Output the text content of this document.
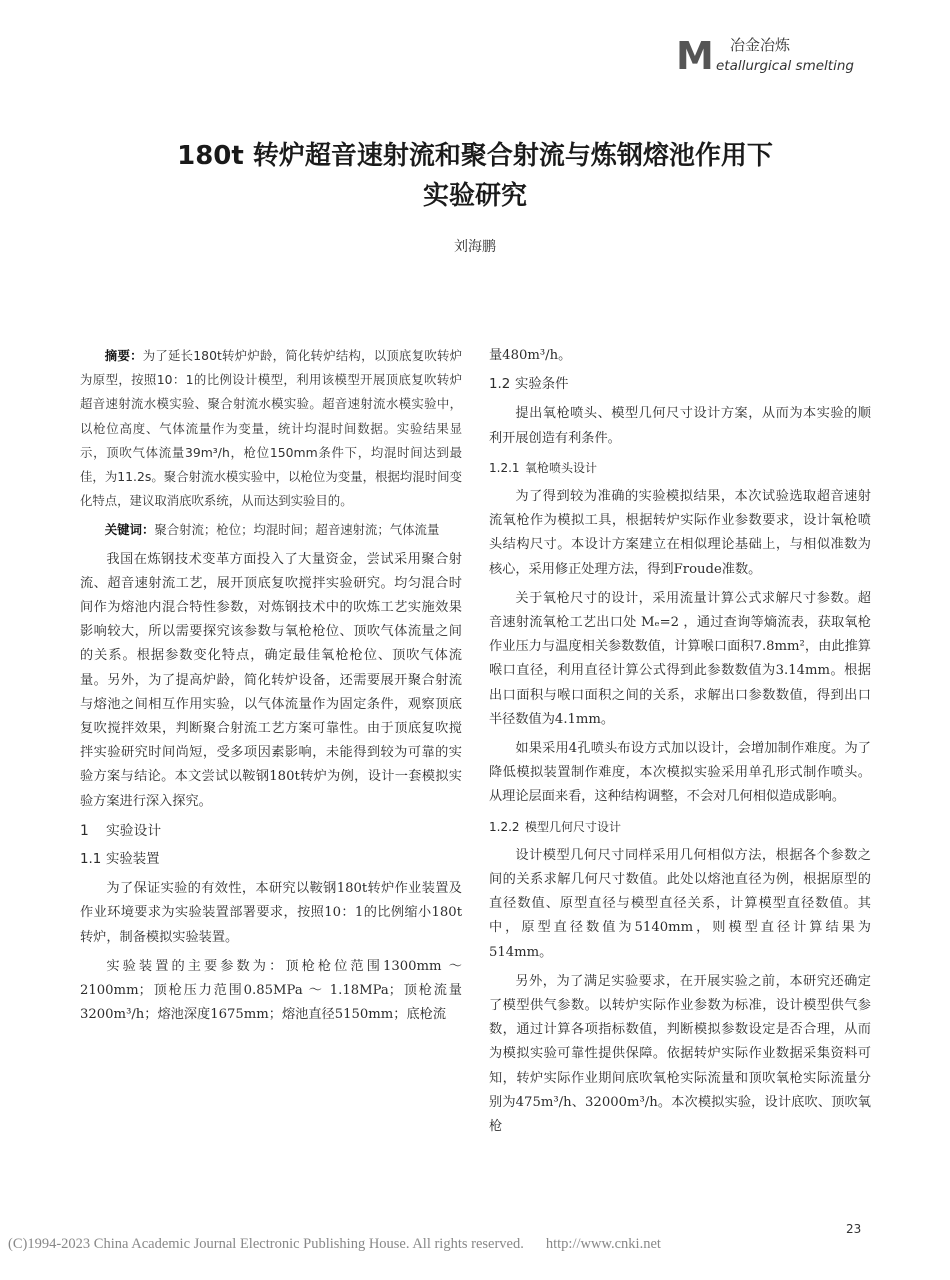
M 冶金冶炼
etallurgical smelting
180t 转炉超音速射流和聚合射流与炼钢熔池作用下
实验研究
刘海鹏

摘要：为了延长180t转炉炉龄，简化转炉结构，以顶底复吹转炉为原型，按照10：1的比例设计模型，利用该模型开展顶底复吹转炉超音速射流水模实验、聚合射流水模实验。超音速射流水模实验中，以枪位高度、气体流量作为变量，统计均混时间数据。实验结果显示，顶吹气体流量39m³/h，枪位150mm条件下，均混时间达到最佳，为11.2s。聚合射流水模实验中，以枪位为变量，根据均混时间变化特点，建议取消底吹系统，从而达到实验目的。

关键词：聚合射流；枪位；均混时间；超音速射流；气体流量

我国在炼钢技术变革方面投入了大量资金，尝试采用聚合射流、超音速射流工艺，展开顶底复吹搅拌实验研究。均匀混合时间作为熔池内混合特性参数，对炼钢技术中的吹炼工艺实施效果影响较大，所以需要探究该参数与氧枪枪位、顶吹气体流量之间的关系。根据参数变化特点，确定最佳氧枪枪位、顶吹气体流量。另外，为了提高炉龄，简化转炉设备，还需要展开聚合射流与熔池之间相互作用实验，以气体流量作为固定条件，观察顶底复吹搅拌效果，判断聚合射流工艺方案可靠性。由于顶底复吹搅拌实验研究时间尚短，受多项因素影响，未能得到较为可靠的实验方案与结论。本文尝试以鞍钢180t转炉为例，设计一套模拟实验方案进行深入探究。

1 实验设计

1.1 实验装置

为了保证实验的有效性，本研究以鞍钢180t转炉作业装置及作业环境要求为实验装置部署要求，按照10：1的比例缩小180t转炉，制备模拟实验装置。

实验装置的主要参数为：顶枪枪位范围1300mm ～ 2100mm；顶枪压力范围0.85MPa ～ 1.18MPa；顶枪流量3200m³/h；熔池深度1675mm；熔池直径5150mm；底枪流

量480m³/h。

1.2 实验条件

提出氧枪喷头、模型几何尺寸设计方案，从而为本实验的顺利开展创造有利条件。

1.2.1 氧枪喷头设计

为了得到较为准确的实验模拟结果，本次试验选取超音速射流氧枪作为模拟工具，根据转炉实际作业参数要求，设计氧枪喷头结构尺寸。本设计方案建立在相似理论基础上，与相似准数为核心，采用修正处理方法，得到Froude准数。

关于氧枪尺寸的设计，采用流量计算公式求解尺寸参数。超音速射流氧枪工艺出口处 Mₑ=2 ，通过查询等熵流表，获取氧枪作业压力与温度相关参数数值，计算喉口面积7.8mm²，由此推算喉口直径，利用直径计算公式得到此参数数值为3.14mm。根据出口面积与喉口面积之间的关系，求解出口参数数值，得到出口半径数值为4.1mm。

如果采用4孔喷头布设方式加以设计，会增加制作难度。为了降低模拟装置制作难度，本次模拟实验采用单孔形式制作喷头。从理论层面来看，这种结构调整，不会对几何相似造成影响。

1.2.2 模型几何尺寸设计

设计模型几何尺寸同样采用几何相似方法，根据各个参数之间的关系求解几何尺寸数值。此处以熔池直径为例，根据原型的直径数值、原型直径与模型直径关系，计算模型直径数值。其中，原型直径数值为5140mm，则模型直径计算结果为514mm。

另外，为了满足实验要求，在开展实验之前，本研究还确定了模型供气参数。以转炉实际作业参数为标准，设计模型供气参数，通过计算各项指标数值，判断模拟参数设定是否合理，从而为模拟实验可靠性提供保障。依据转炉实际作业数据采集资料可知，转炉实际作业期间底吹氧枪实际流量和顶吹氧枪实际流量分别为475m³/h、32000m³/h。本次模拟实验，设计底吹、顶吹氧枪

23
(C)1994-2023 China Academic Journal Electronic Publishing House. All rights reserved. http://www.cnki.net
